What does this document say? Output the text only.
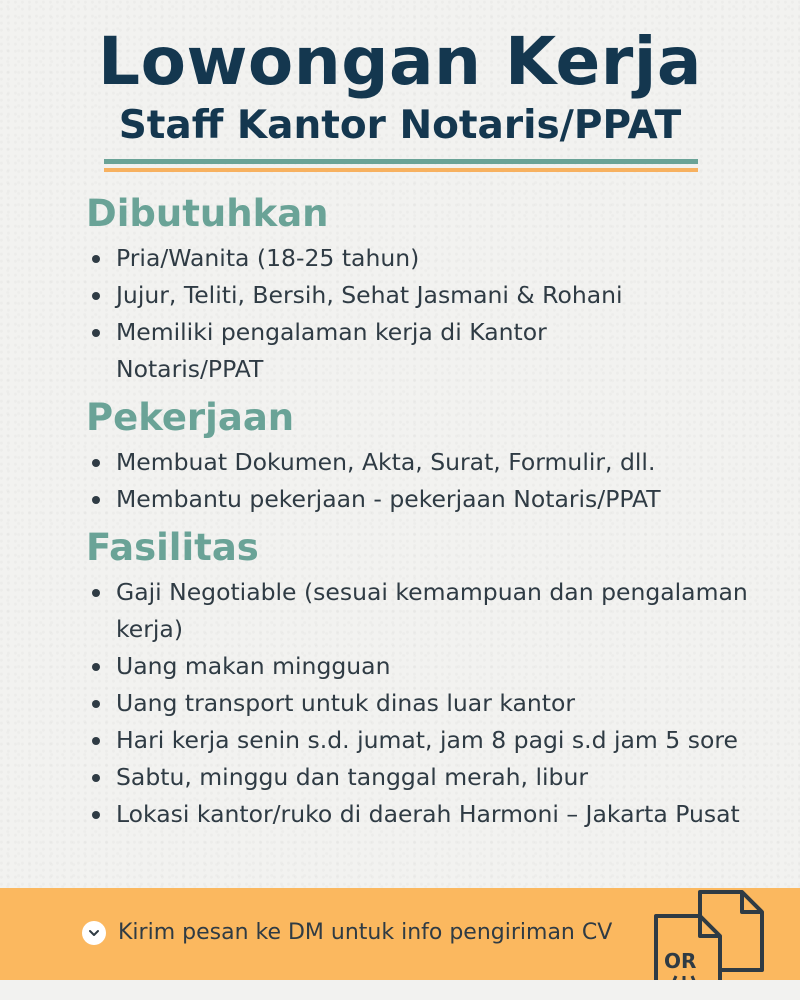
Lowongan Kerja
Staff Kantor Notaris/PPAT
Dibutuhkan
Pria/Wanita (18-25 tahun)
Jujur, Teliti, Bersih, Sehat Jasmani & Rohani
Memiliki pengalaman kerja di Kantor Notaris/PPAT
Pekerjaan
Membuat Dokumen, Akta, Surat, Formulir, dll.
Membantu pekerjaan - pekerjaan Notaris/PPAT
Fasilitas
Gaji Negotiable (sesuai kemampuan dan pengalaman kerja)
Uang makan mingguan
Uang transport untuk dinas luar kantor
Hari kerja senin s.d. jumat, jam 8 pagi s.d jam 5 sore
Sabtu, minggu dan tanggal merah, libur
Lokasi kantor/ruko di daerah Harmoni – Jakarta Pusat
Kirim pesan ke DM untuk info pengiriman CV
OR
